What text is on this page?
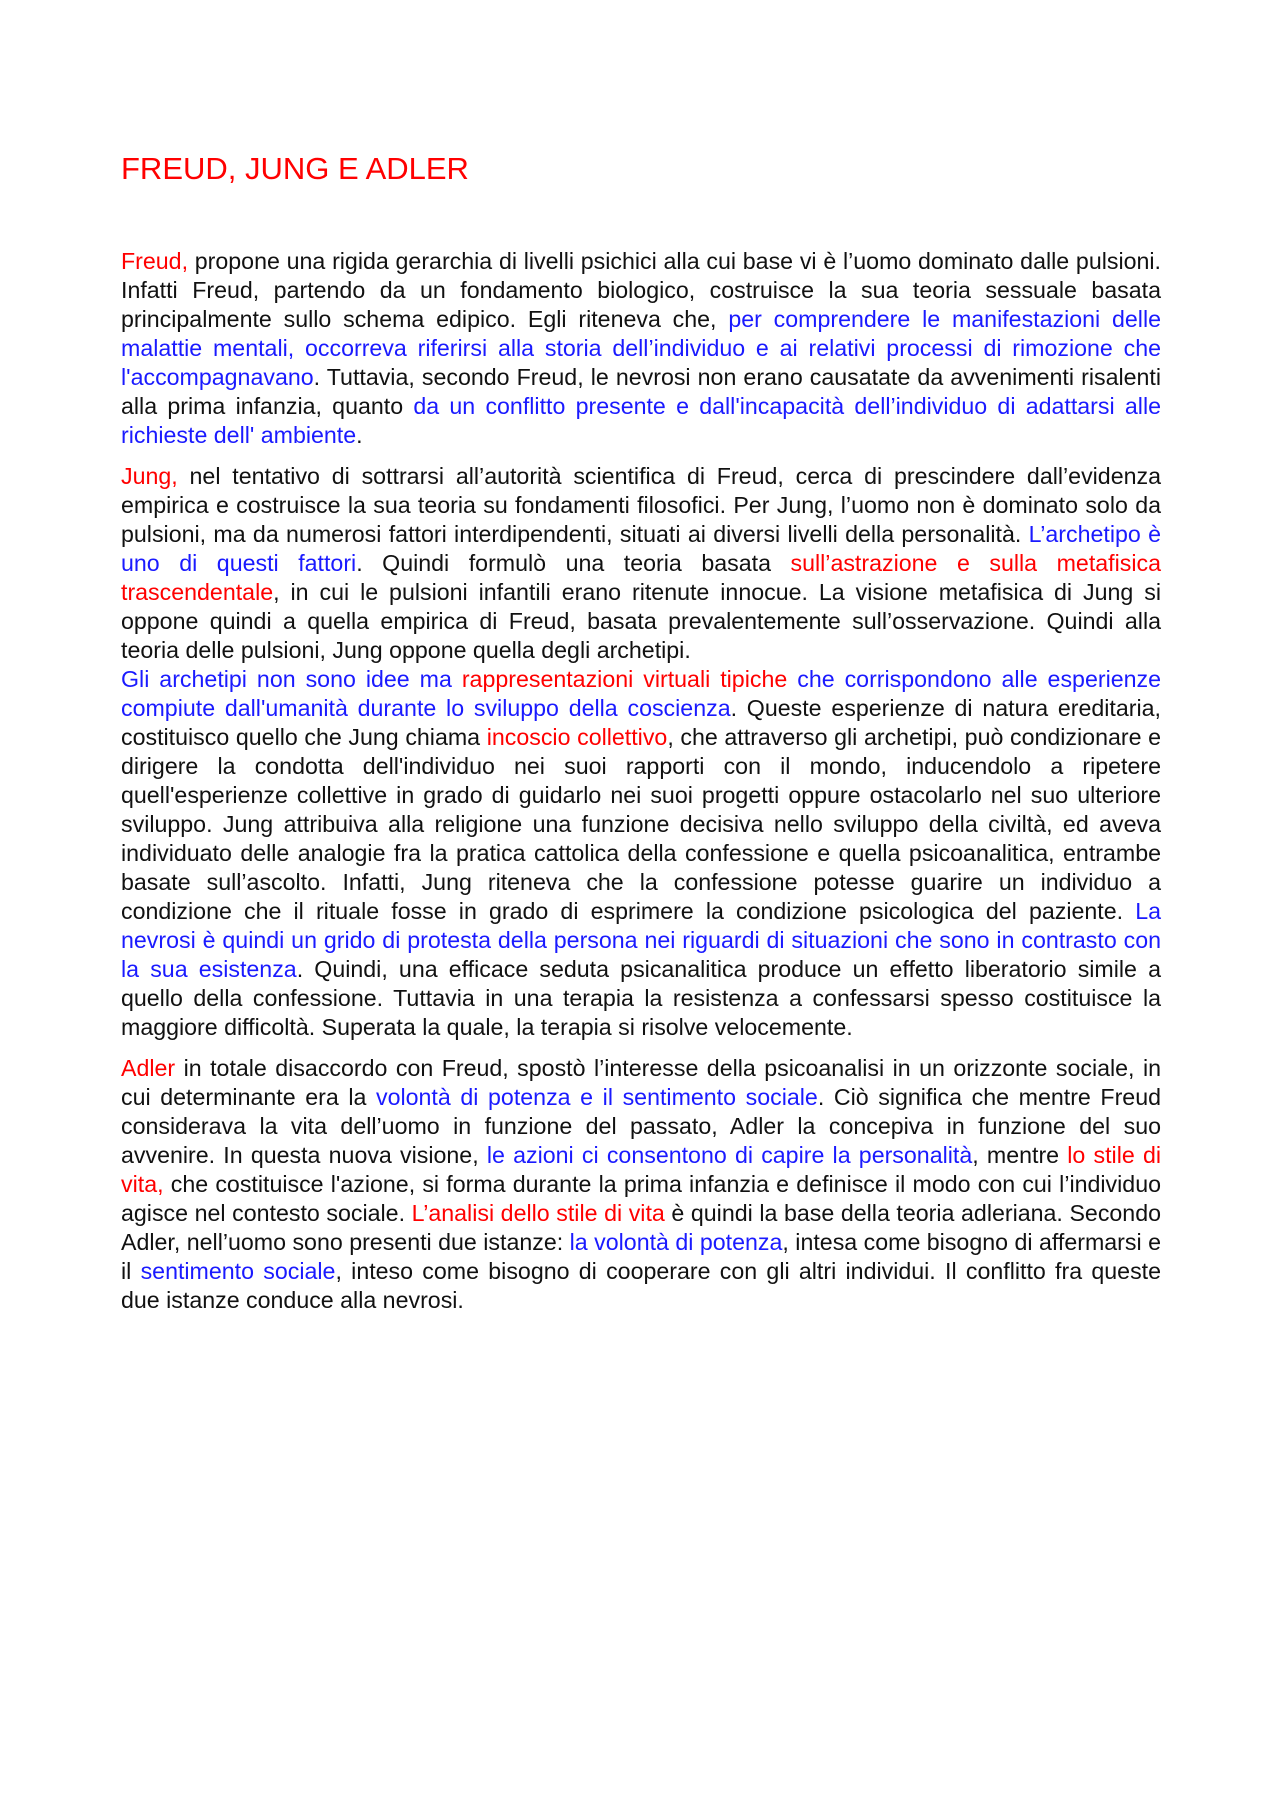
FREUD, JUNG E ADLER

Freud, propone una rigida gerarchia di livelli psichici alla cui base vi è l’uomo dominato dalle pulsioni. Infatti Freud, partendo da un fondamento biologico, costruisce la sua teoria sessuale basata principalmente sullo schema edipico. Egli riteneva che, per comprendere le manifestazioni delle malattie mentali, occorreva riferirsi alla storia dell’individuo e ai relativi processi di rimozione che l'accompagnavano. Tuttavia, secondo Freud, le nevrosi non erano causatate da avvenimenti risalenti alla prima infanzia, quanto da un conflitto presente e dall'incapacità dell’individuo di adattarsi alle richieste dell' ambiente.

Jung, nel tentativo di sottrarsi all’autorità scientifica di Freud, cerca di prescindere dall’evidenza empirica e costruisce la sua teoria su fondamenti filosofici. Per Jung, l’uomo non è dominato solo da pulsioni, ma da numerosi fattori interdipendenti, situati ai diversi livelli della personalità. L’archetipo è uno di questi fattori. Quindi formulò una teoria basata sull’astrazione e sulla metafisica trascendentale, in cui le pulsioni infantili erano ritenute innocue. La visione metafisica di Jung si oppone quindi a quella empirica di Freud, basata prevalentemente sull’osservazione. Quindi alla teoria delle pulsioni, Jung oppone quella degli archetipi.

Gli archetipi non sono idee ma rappresentazioni virtuali tipiche che corrispondono alle esperienze compiute dall'umanità durante lo sviluppo della coscienza. Queste esperienze di natura ereditaria, costituisco quello che Jung chiama incoscio collettivo, che attraverso gli archetipi, può condizionare e dirigere la condotta dell'individuo nei suoi rapporti con il mondo, inducendolo a ripetere quell'esperienze collettive in grado di guidarlo nei suoi progetti oppure ostacolarlo nel suo ulteriore sviluppo. Jung attribuiva alla religione una funzione decisiva nello sviluppo della civiltà, ed aveva individuato delle analogie fra la pratica cattolica della confessione e quella psicoanalitica, entrambe basate sull’ascolto. Infatti, Jung riteneva che la confessione potesse guarire un individuo a condizione che il rituale fosse in grado di esprimere la condizione psicologica del paziente. La nevrosi è quindi un grido di protesta della persona nei riguardi di situazioni che sono in contrasto con la sua esistenza. Quindi, una efficace seduta psicanalitica produce un effetto liberatorio simile a quello della confessione. Tuttavia in una terapia la resistenza a confessarsi spesso costituisce la maggiore difficoltà. Superata la quale, la terapia si risolve velocemente.

Adler in totale disaccordo con Freud, spostò l’interesse della psicoanalisi in un orizzonte sociale, in cui determinante era la volontà di potenza e il sentimento sociale. Ciò significa che mentre Freud considerava la vita dell’uomo in funzione del passato, Adler la concepiva in funzione del suo avvenire. In questa nuova visione, le azioni ci consentono di capire la personalità, mentre lo stile di vita, che costituisce l'azione, si forma durante la prima infanzia e definisce il modo con cui l’individuo agisce nel contesto sociale. L’analisi dello stile di vita è quindi la base della teoria adleriana. Secondo Adler, nell’uomo sono presenti due istanze: la volontà di potenza, intesa come bisogno di affermarsi e il sentimento sociale, inteso come bisogno di cooperare con gli altri individui. Il conflitto fra queste due istanze conduce alla nevrosi.
